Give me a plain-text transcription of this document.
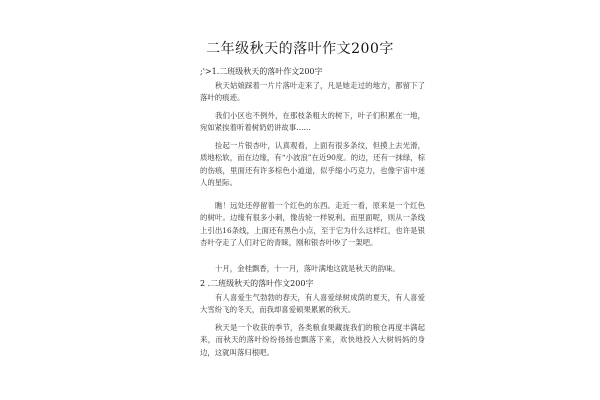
二年级秋天的落叶作文200字
;'>1.二班级秋天的落叶作文200字
秋天姑娘踩着一片片落叶走来了，凡是她走过的地方，都留下了落叶的痕迹。
我们小区也不例外，在那枝条粗大的树下，叶子们积累在一地，宛如紧挨着听着树奶奶讲故事……
捡起一片银杏叶，认真观看，上面有很多条纹，但摸上去光滑，质地松软，而在边缘，有“小波浪”在近90度。的边，还有一抹绿，棕的伤痕，里面还有许多棕色小道道，似乎缩小巧克力，也像宇宙中迷人的星际。
瞧！远处还停留着一个红色的东西。走近一看，原来是一个红色的树叶。边缘有很多小刺，像齿轮一样锐利。而里面呢，则从一条线上引出16条线，上面还有黑色小点，至于它为什么这样红，也许是银杏叶夺走了人们对它的青睐，刚和银杏叶吵了一架吧。
十月，金桂飘香，十一月，落叶满地这就是秋天的韵味。
2 .二班级秋天的落叶作文200字
有人喜爱生气勃勃的春天，有人喜爱绿树成荫的夏天，有人喜爱大雪纷飞的冬天，而我却喜爱硕果累累的秋天。
秋天是一个收获的季节，各类粮食果藏拢我们的粮仓再度丰满起来，而秋天的落叶纷纷扬扬也飘落下来，欢快地投入大树妈妈的身边，这就叫落归根吧。
